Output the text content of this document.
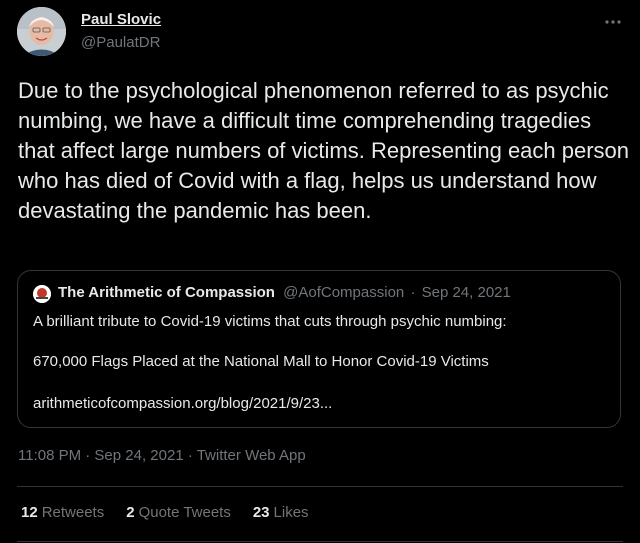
Paul Slovic
@PaulatDR
Due to the psychological phenomenon referred to as psychic numbing, we have a difficult time comprehending tragedies that affect large numbers of victims. Representing each person who has died of Covid with a flag, helps us understand how devastating the pandemic has been.
The Arithmetic of Compassion @AofCompassion · Sep 24, 2021
A brilliant tribute to Covid-19 victims that cuts through psychic numbing:
670,000 Flags Placed at the National Mall to Honor Covid-19 Victims
arithmeticofcompassion.org/blog/2021/9/23...
11:08 PM · Sep 24, 2021 · Twitter Web App
12 Retweets 2 Quote Tweets 23 Likes
